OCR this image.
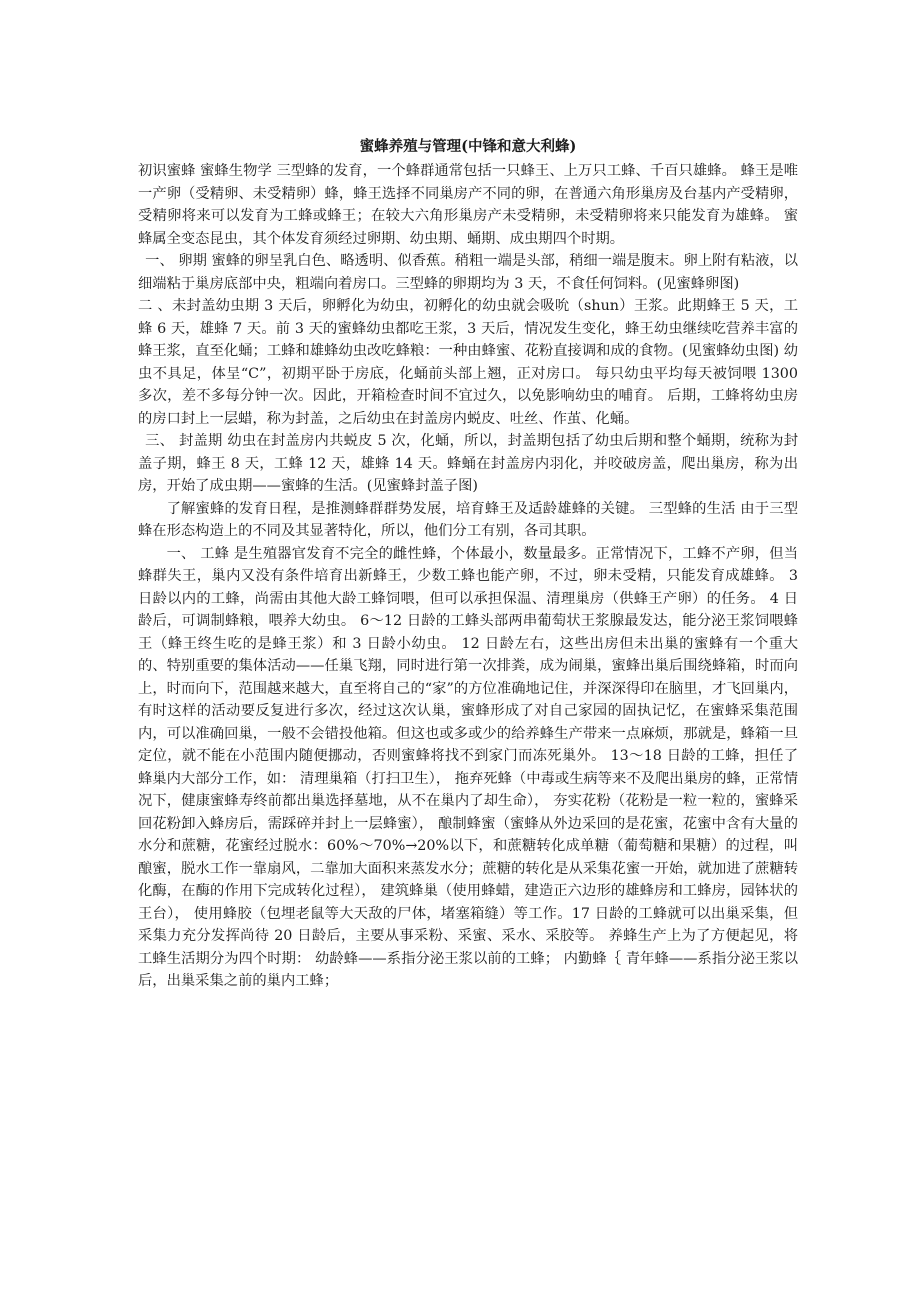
蜜蜂养殖与管理(中锋和意大利蜂)

初识蜜蜂 蜜蜂生物学 三型蜂的发育，一个蜂群通常包括一只蜂王、上万只工蜂、千百只雄蜂。 蜂王是唯一产卵（受精卵、未受精卵）蜂，蜂王选择不同巢房产不同的卵，在普通六角形巢房及台基内产受精卵，受精卵将来可以发育为工蜂或蜂王；在较大六角形巢房产未受精卵，未受精卵将来只能发育为雄蜂。 蜜蜂属全变态昆虫，其个体发育须经过卵期、幼虫期、蛹期、成虫期四个时期。

一、 卵期 蜜蜂的卵呈乳白色、略透明、似香蕉。稍粗一端是头部，稍细一端是腹末。卵上附有粘液，以细端粘于巢房底部中央，粗端向着房口。三型蜂的卵期均为 3 天，不食任何饲料。(见蜜蜂卵图)

二 、未封盖幼虫期 3 天后，卵孵化为幼虫，初孵化的幼虫就会吸吮（shun）王浆。此期蜂王 5 天，工蜂 6 天，雄蜂 7 天。前 3 天的蜜蜂幼虫都吃王浆，3 天后，情况发生变化，蜂王幼虫继续吃营养丰富的蜂王浆，直至化蛹；工蜂和雄蜂幼虫改吃蜂粮：一种由蜂蜜、花粉直接调和成的食物。(见蜜蜂幼虫图) 幼虫不具足，体呈“C”，初期平卧于房底，化蛹前头部上翘，正对房口。 每只幼虫平均每天被饲喂 1300 多次，差不多每分钟一次。因此，开箱检查时间不宜过久，以免影响幼虫的哺育。 后期，工蜂将幼虫房的房口封上一层蜡，称为封盖，之后幼虫在封盖房内蜕皮、吐丝、作茧、化蛹。

三、 封盖期 幼虫在封盖房内共蜕皮 5 次，化蛹，所以，封盖期包括了幼虫后期和整个蛹期，统称为封盖子期，蜂王 8 天，工蜂 12 天，雄蜂 14 天。蜂蛹在封盖房内羽化，并咬破房盖，爬出巢房，称为出房，开始了成虫期——蜜蜂的生活。(见蜜蜂封盖子图)

了解蜜蜂的发育日程，是推测蜂群群势发展，培育蜂王及适龄雄蜂的关键。 三型蜂的生活 由于三型蜂在形态构造上的不同及其显著特化，所以，他们分工有别，各司其职。

一、 工蜂 是生殖器官发育不完全的雌性蜂，个体最小，数量最多。正常情况下，工蜂不产卵，但当蜂群失王，巢内又没有条件培育出新蜂王，少数工蜂也能产卵，不过，卵未受精，只能发育成雄蜂。 3 日龄以内的工蜂，尚需由其他大龄工蜂饲喂，但可以承担保温、清理巢房（供蜂王产卵）的任务。 4 日龄后，可调制蜂粮，喂养大幼虫。 6～12 日龄的工蜂头部两串葡萄状王浆腺最发达，能分泌王浆饲喂蜂王（蜂王终生吃的是蜂王浆）和 3 日龄小幼虫。 12 日龄左右，这些出房但未出巢的蜜蜂有一个重大的、特别重要的集体活动——任巢飞翔，同时进行第一次排粪，成为闹巢，蜜蜂出巢后围绕蜂箱，时而向上，时而向下，范围越来越大，直至将自己的“家”的方位准确地记住，并深深得印在脑里，才飞回巢内，有时这样的活动要反复进行多次，经过这次认巢，蜜蜂形成了对自己家园的固执记忆，在蜜蜂采集范围内，可以准确回巢，一般不会错投他箱。但这也或多或少的给养蜂生产带来一点麻烦，那就是，蜂箱一旦定位，就不能在小范围内随便挪动，否则蜜蜂将找不到家门而冻死巢外。 13～18 日龄的工蜂，担任了蜂巢内大部分工作，如： 清理巢箱（打扫卫生）， 拖弃死蜂（中毒或生病等来不及爬出巢房的蜂，正常情况下，健康蜜蜂寿终前都出巢选择墓地，从不在巢内了却生命）， 夯实花粉（花粉是一粒一粒的，蜜蜂采回花粉卸入蜂房后，需踩碎并封上一层蜂蜜）， 酿制蜂蜜（蜜蜂从外边采回的是花蜜，花蜜中含有大量的水分和蔗糖，花蜜经过脱水：60%～70%→20%以下，和蔗糖转化成单糖（葡萄糖和果糖）的过程，叫酿蜜，脱水工作一靠扇风，二靠加大面积来蒸发水分；蔗糖的转化是从采集花蜜一开始，就加进了蔗糖转化酶，在酶的作用下完成转化过程）， 建筑蜂巢（使用蜂蜡，建造正六边形的雄蜂房和工蜂房，园钵状的王台）， 使用蜂胶（包埋老鼠等大天敌的尸体，堵塞箱缝）等工作。17 日龄的工蜂就可以出巢采集，但采集力充分发挥尚待 20 日龄后，主要从事采粉、采蜜、采水、采胶等。 养蜂生产上为了方便起见，将工蜂生活期分为四个时期： 幼龄蜂——系指分泌王浆以前的工蜂； 内勤蜂｛ 青年蜂——系指分泌王浆以后，出巢采集之前的巢内工蜂；
